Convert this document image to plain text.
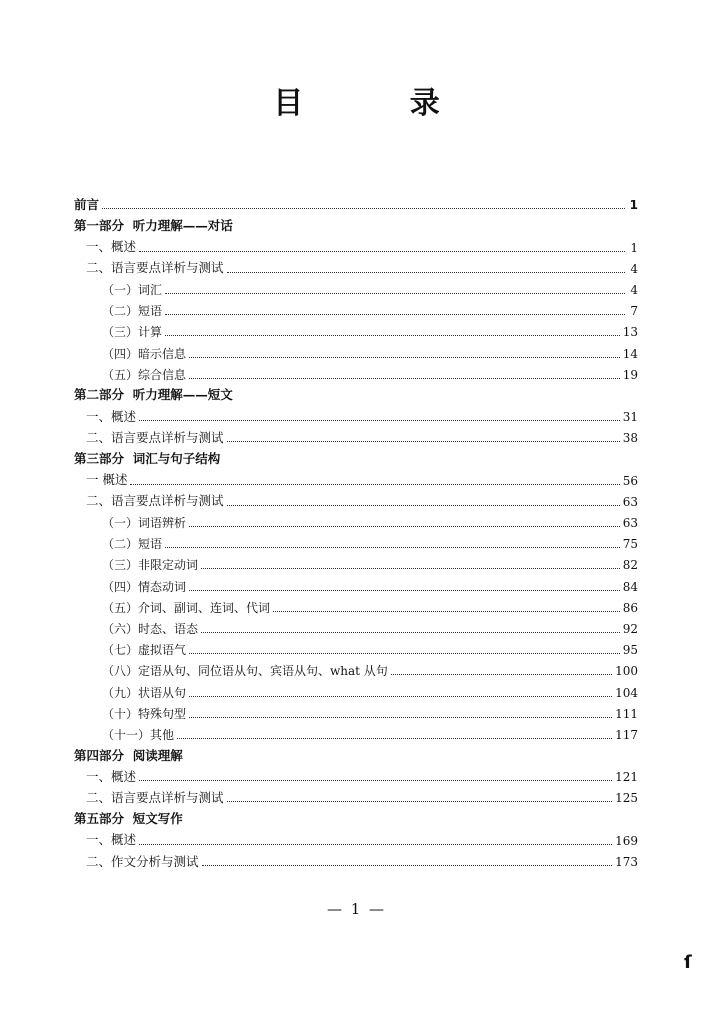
目 录
前言	1
第一部分  听力理解——对话
一、概述	1
二、语言要点详析与测试	4
（一）词汇	4
（二）短语	7
（三）计算	13
（四）暗示信息	14
（五）综合信息	19
第二部分  听力理解——短文
一、概述	31
二、语言要点详析与测试	38
第三部分  词汇与句子结构
一 概述	56
二、语言要点详析与测试	63
（一）词语辨析	63
（二）短语	75
（三）非限定动词	82
（四）情态动词	84
（五）介词、副词、连词、代词	86
（六）时态、语态	92
（七）虚拟语气	95
（八）定语从句、同位语从句、宾语从句、what 从句	100
（九）状语从句	104
（十）特殊句型	111
（十一）其他	117
第四部分  阅读理解
一、概述	121
二、语言要点详析与测试	125
第五部分  短文写作
一、概述	169
二、作文分析与测试	173
— 1 —
ſ
